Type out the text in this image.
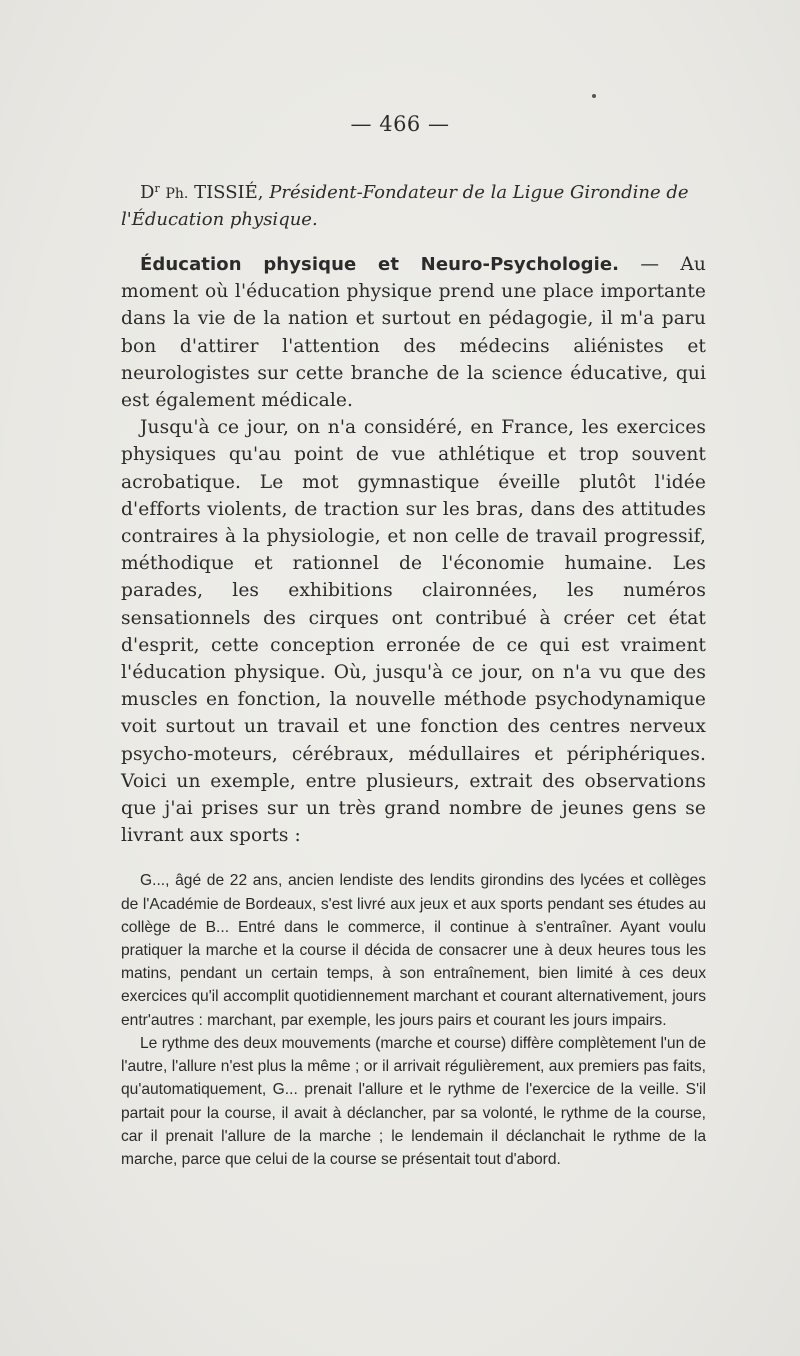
— 466 —

$D^r$ Ph. TISSIÉ, Président-Fondateur de la Ligue Girondine de l'Éducation physique.

Éducation physique et Neuro-Psychologie. — Au moment où l'éducation physique prend une place importante dans la vie de la nation et surtout en pédagogie, il m'a paru bon d'attirer l'attention des médecins aliénistes et neurologistes sur cette branche de la science éducative, qui est également médicale.

Jusqu'à ce jour, on n'a considéré, en France, les exercices physiques qu'au point de vue athlétique et trop souvent acrobatique. Le mot gymnastique éveille plutôt l'idée d'efforts violents, de traction sur les bras, dans des attitudes contraires à la physiologie, et non celle de travail progressif, méthodique et rationnel de l'économie humaine. Les parades, les exhibitions claironnées, les numéros sensationnels des cirques ont contribué à créer cet état d'esprit, cette conception erronée de ce qui est vraiment l'éducation physique. Où, jusqu'à ce jour, on n'a vu que des muscles en fonction, la nouvelle méthode psychodynamique voit surtout un travail et une fonction des centres nerveux psycho-moteurs, cérébraux, médullaires et périphériques. Voici un exemple, entre plusieurs, extrait des observations que j'ai prises sur un très grand nombre de jeunes gens se livrant aux sports :

G..., âgé de 22 ans, ancien lendiste des lendits girondins des lycées et collèges de l'Académie de Bordeaux, s'est livré aux jeux et aux sports pendant ses études au collège de B... Entré dans le commerce, il continue à s'entraîner. Ayant voulu pratiquer la marche et la course il décida de consacrer une à deux heures tous les matins, pendant un certain temps, à son entraînement, bien limité à ces deux exercices qu'il accomplit quotidiennement marchant et courant alternativement, jours entr'autres : marchant, par exemple, les jours pairs et courant les jours impairs.

Le rythme des deux mouvements (marche et course) diffère complètement l'un de l'autre, l'allure n'est plus la même ; or il arrivait régulièrement, aux premiers pas faits, qu'automatiquement, G... prenait l'allure et le rythme de l'exercice de la veille. S'il partait pour la course, il avait à déclancher, par sa volonté, le rythme de la course, car il prenait l'allure de la marche ; le lendemain il déclanchait le rythme de la marche, parce que celui de la course se présentait tout d'abord.
